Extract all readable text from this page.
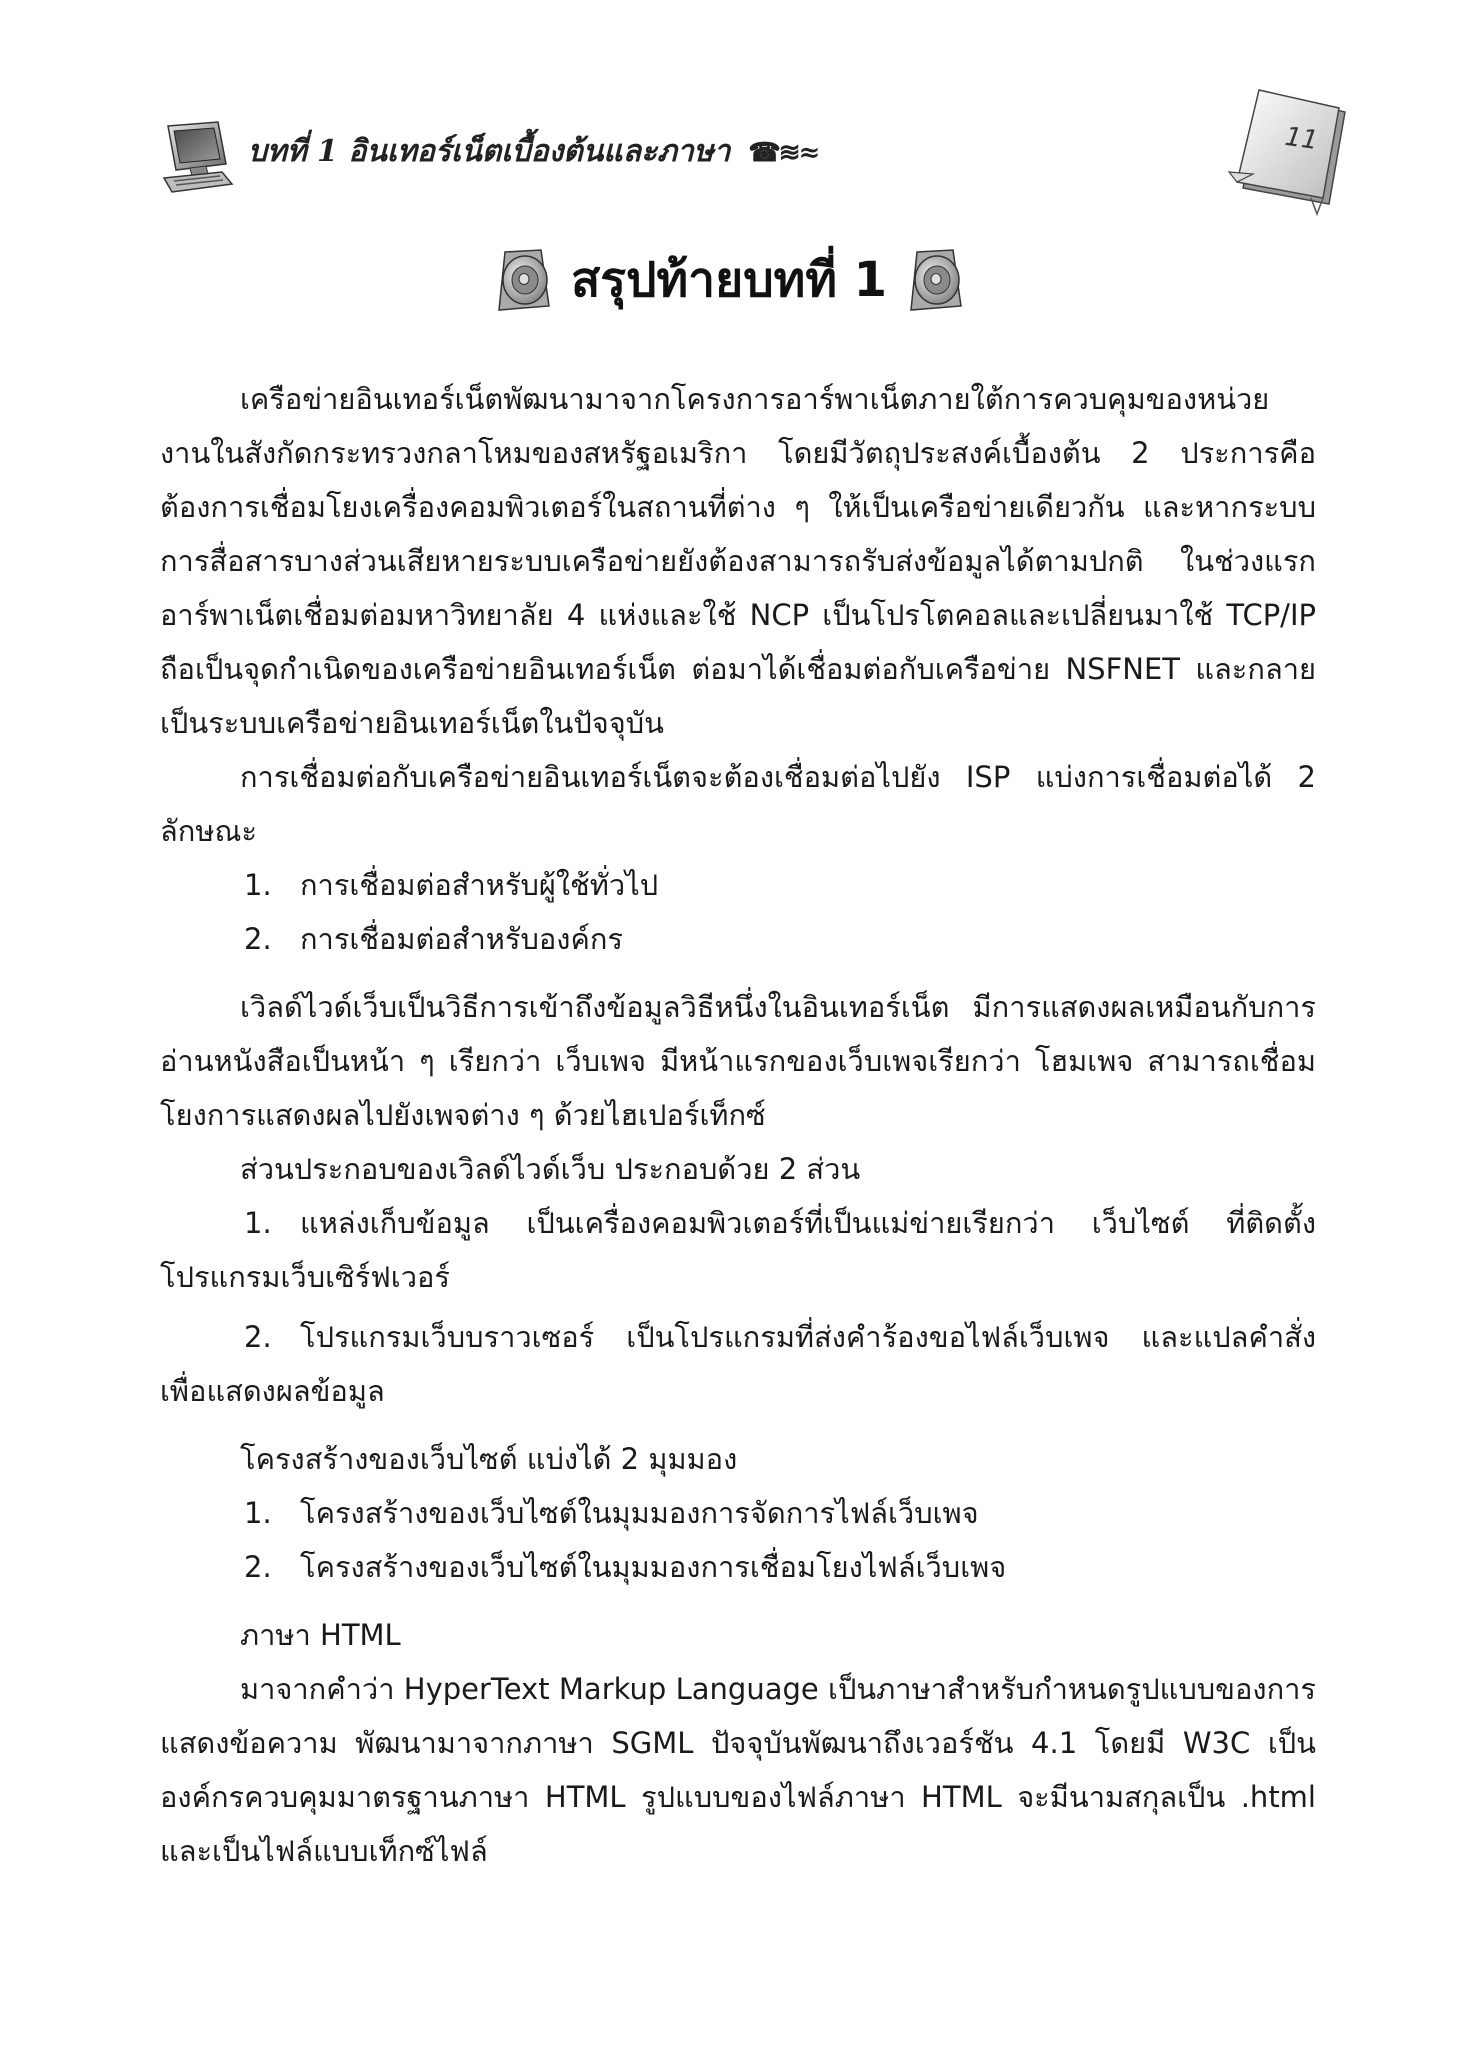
บทที่ 1 อินเทอร์เน็ตเบื้องต้นและภาษา ☎≋≈	11
สรุปท้ายบทที่ 1

เครือข่ายอินเทอร์เน็ตพัฒนามาจากโครงการอาร์พาเน็ตภายใต้การควบคุมของหน่วยงานในสังกัดกระทรวงกลาโหมของสหรัฐอเมริกา โดยมีวัตถุประสงค์เบื้องต้น 2 ประการคือ ต้องการเชื่อมโยงเครื่องคอมพิวเตอร์ในสถานที่ต่าง ๆ ให้เป็นเครือข่ายเดียวกัน และหากระบบการสื่อสารบางส่วนเสียหายระบบเครือข่ายยังต้องสามารถรับส่งข้อมูลได้ตามปกติ ในช่วงแรก อาร์พาเน็ตเชื่อมต่อมหาวิทยาลัย 4 แห่งและใช้ NCP เป็นโปรโตคอลและเปลี่ยนมาใช้ TCP/IP ถือเป็นจุดกำเนิดของเครือข่ายอินเทอร์เน็ต ต่อมาได้เชื่อมต่อกับเครือข่าย NSFNET และกลายเป็นระบบเครือข่ายอินเทอร์เน็ตในปัจจุบัน

การเชื่อมต่อกับเครือข่ายอินเทอร์เน็ตจะต้องเชื่อมต่อไปยัง ISP แบ่งการเชื่อมต่อได้ 2 ลักษณะ

1. การเชื่อมต่อสำหรับผู้ใช้ทั่วไป

2. การเชื่อมต่อสำหรับองค์กร

เวิลด์ไวด์เว็บเป็นวิธีการเข้าถึงข้อมูลวิธีหนึ่งในอินเทอร์เน็ต มีการแสดงผลเหมือนกับการอ่านหนังสือเป็นหน้า ๆ เรียกว่า เว็บเพจ มีหน้าแรกของเว็บเพจเรียกว่า โฮมเพจ สามารถเชื่อมโยงการแสดงผลไปยังเพจต่าง ๆ ด้วยไฮเปอร์เท็กซ์

ส่วนประกอบของเวิลด์ไวด์เว็บ ประกอบด้วย 2 ส่วน

1. แหล่งเก็บข้อมูล เป็นเครื่องคอมพิวเตอร์ที่เป็นแม่ข่ายเรียกว่า เว็บไซต์ ที่ติดตั้งโปรแกรมเว็บเซิร์ฟเวอร์

2. โปรแกรมเว็บบราวเซอร์ เป็นโปรแกรมที่ส่งคำร้องขอไฟล์เว็บเพจ และแปลคำสั่งเพื่อแสดงผลข้อมูล

โครงสร้างของเว็บไซต์ แบ่งได้ 2 มุมมอง

1. โครงสร้างของเว็บไซต์ในมุมมองการจัดการไฟล์เว็บเพจ

2. โครงสร้างของเว็บไซต์ในมุมมองการเชื่อมโยงไฟล์เว็บเพจ

ภาษา HTML

มาจากคำว่า HyperText Markup Language เป็นภาษาสำหรับกำหนดรูปแบบของการแสดงข้อความ พัฒนามาจากภาษา SGML ปัจจุบันพัฒนาถึงเวอร์ชัน 4.1 โดยมี W3C เป็นองค์กรควบคุมมาตรฐานภาษา HTML รูปแบบของไฟล์ภาษา HTML จะมีนามสกุลเป็น .html และเป็นไฟล์แบบเท็กซ์ไฟล์
